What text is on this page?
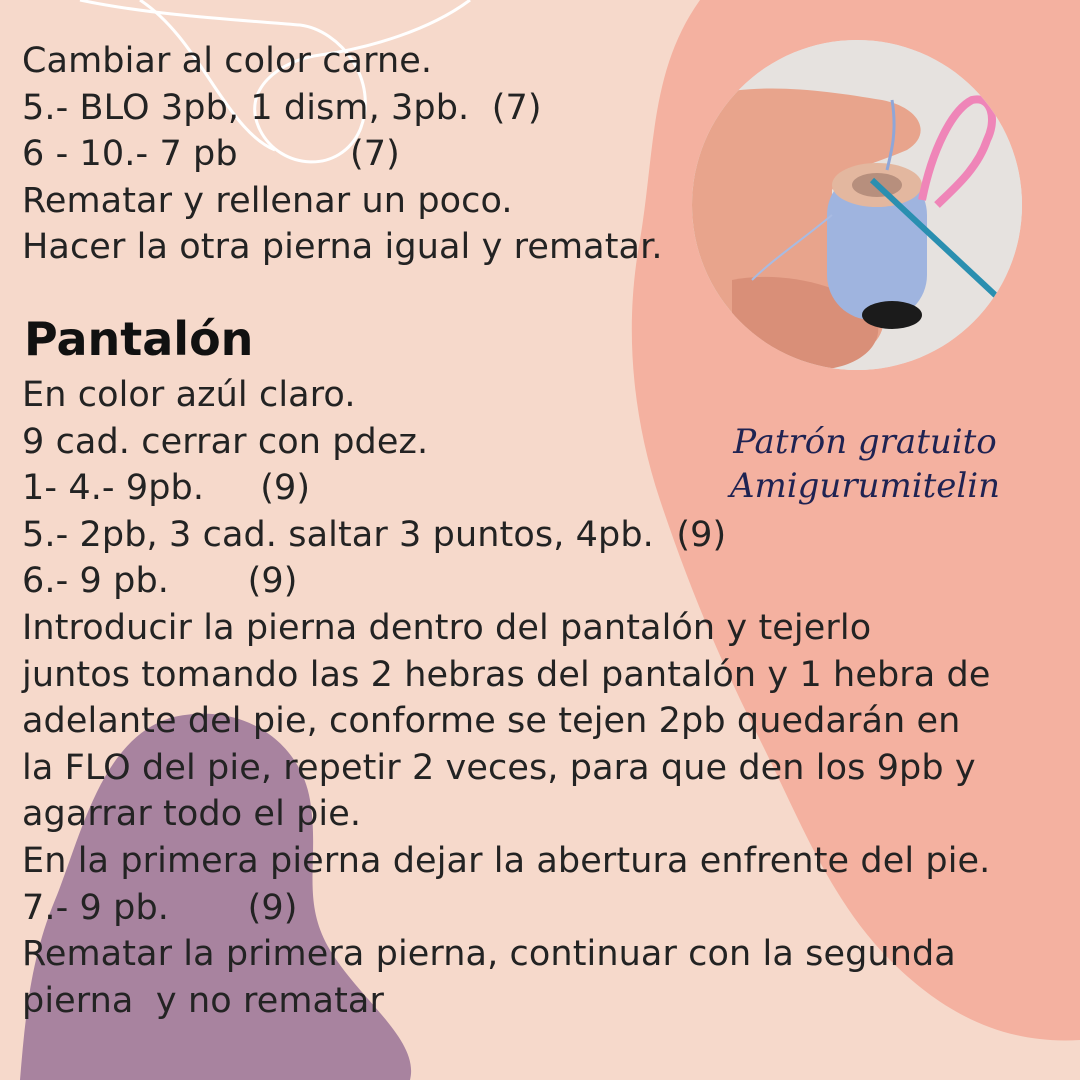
Patrón gratuito
Amigurumitelin

Cambiar al color carne.

5.- BLO 3pb, 1 dism, 3pb.  (7)

6 - 10.- 7 pb          (7)

Rematar y rellenar un poco.

Hacer la otra pierna igual y rematar.

Pantalón

En color azúl claro.

9 cad. cerrar con pdez.

1- 4.- 9pb.     (9)

5.- 2pb, 3 cad. saltar 3 puntos, 4pb.  (9)

6.- 9 pb.       (9)

Introducir la pierna dentro del pantalón y tejerlo

juntos tomando las 2 hebras del pantalón y 1 hebra de

adelante del pie, conforme se tejen 2pb quedarán en

la FLO del pie, repetir 2 veces, para que den los 9pb y

agarrar todo el pie.

En la primera pierna dejar la abertura enfrente del pie.

7.- 9 pb.       (9)

Rematar la primera pierna, continuar con la segunda

pierna  y no rematar
